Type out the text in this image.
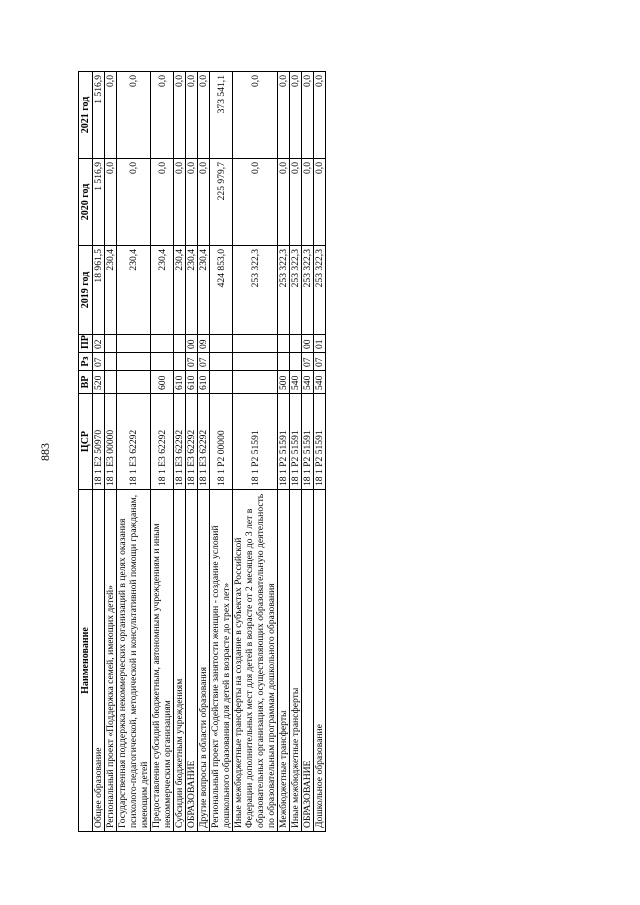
883
Наименование	ЦСР	ВР	Рз	ПР	2019 год	2020 год	2021 год
Общее образование	18 1 E2 50970	520	07	02	18 961,5	1 516,9	1 516,9
Региональный проект «Поддержка семей, имеющих детей»	18 1 E3 00000				230,4	0,0	0,0
Государственная поддержка некоммерческих организаций в целях оказания психолого-педагогической, методической и консультативной помощи гражданам, имеющим детей	18 1 E3 62292				230,4	0,0	0,0
Предоставление субсидий бюджетным, автономным учреждениям и иным некоммерческим организациям	18 1 E3 62292	600			230,4	0,0	0,0
Субсидии бюджетным учреждениям	18 1 E3 62292	610			230,4	0,0	0,0
ОБРАЗОВАНИЕ	18 1 E3 62292	610	07	00	230,4	0,0	0,0
Другие вопросы в области образования	18 1 E3 62292	610	07	09	230,4	0,0	0,0
Региональный проект «Содействие занятости женщин - создание условий дошкольного образования для детей в возрасте до трех лет»	18 1 P2 00000				424 853,0	225 979,7	373 541,1
Иные межбюджетные трансферты на создание в субъектах Российской Федерации дополнительных мест для детей в возрасте от 2 месяцев до 3 лет в образовательных организациях, осуществляющих образовательную деятельность по образовательным программам дошкольного образования	18 1 P2 51591				253 322,3	0,0	0,0
Межбюджетные трансферты	18 1 P2 51591	500			253 322,3	0,0	0,0
Иные межбюджетные трансферты	18 1 P2 51591	540			253 322,3	0,0	0,0
ОБРАЗОВАНИЕ	18 1 P2 51591	540	07	00	253 322,3	0,0	0,0
Дошкольное образование	18 1 P2 51591	540	07	01	253 322,3	0,0	0,0
